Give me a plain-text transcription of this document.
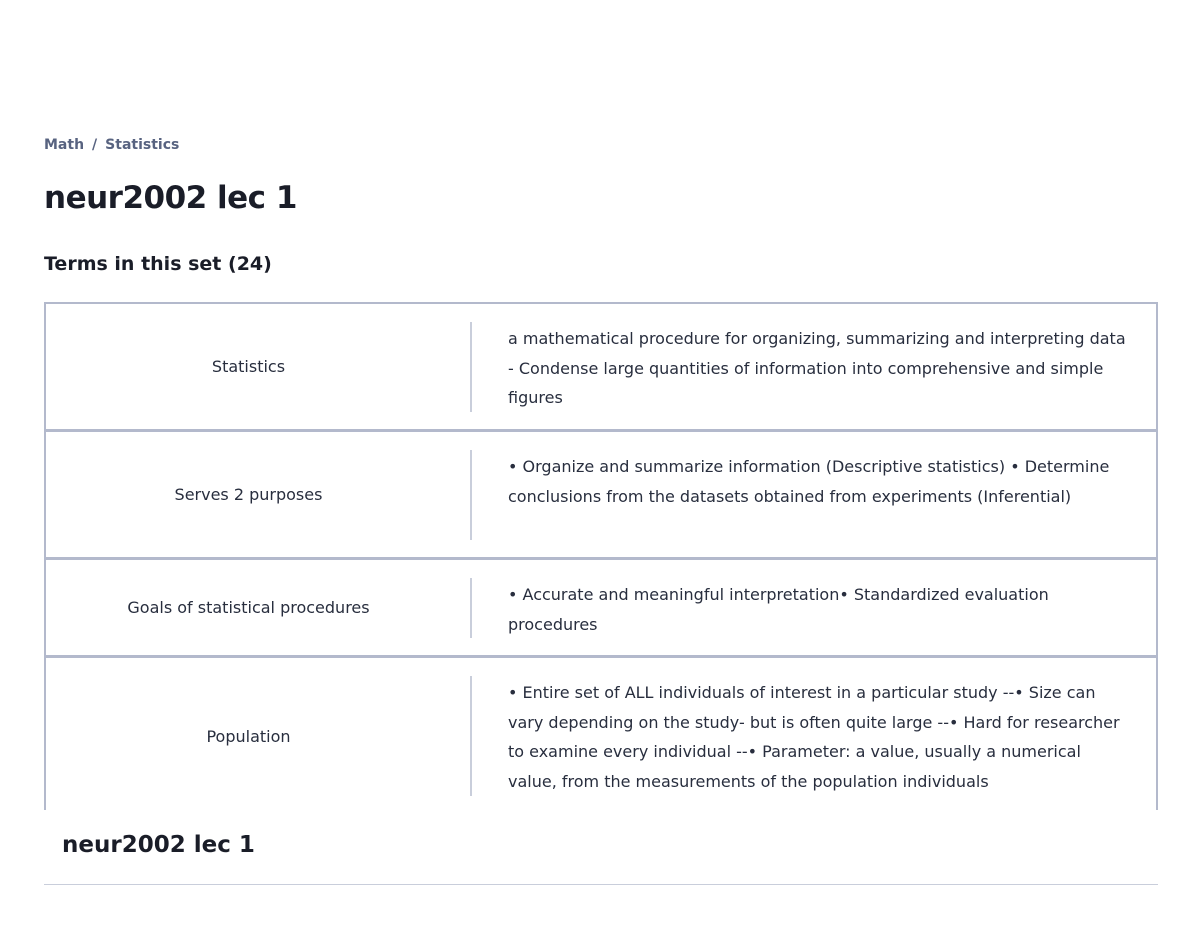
Math / Statistics
neur2002 lec 1
Terms in this set (24)
Statistics
a mathematical procedure for organizing, summarizing and interpreting data - Condense large quantities of information into comprehensive and simple figures
Serves 2 purposes
• Organize and summarize information (Descriptive statistics) • Determine conclusions from the datasets obtained from experiments (Inferential)
Goals of statistical procedures
• Accurate and meaningful interpretation• Standardized evaluation procedures
Population
• Entire set of ALL individuals of interest in a particular study --• Size can vary depending on the study- but is often quite large --• Hard for researcher to examine every individual --• Parameter: a value, usually a numerical value, from the measurements of the population individuals
neur2002 lec 1
